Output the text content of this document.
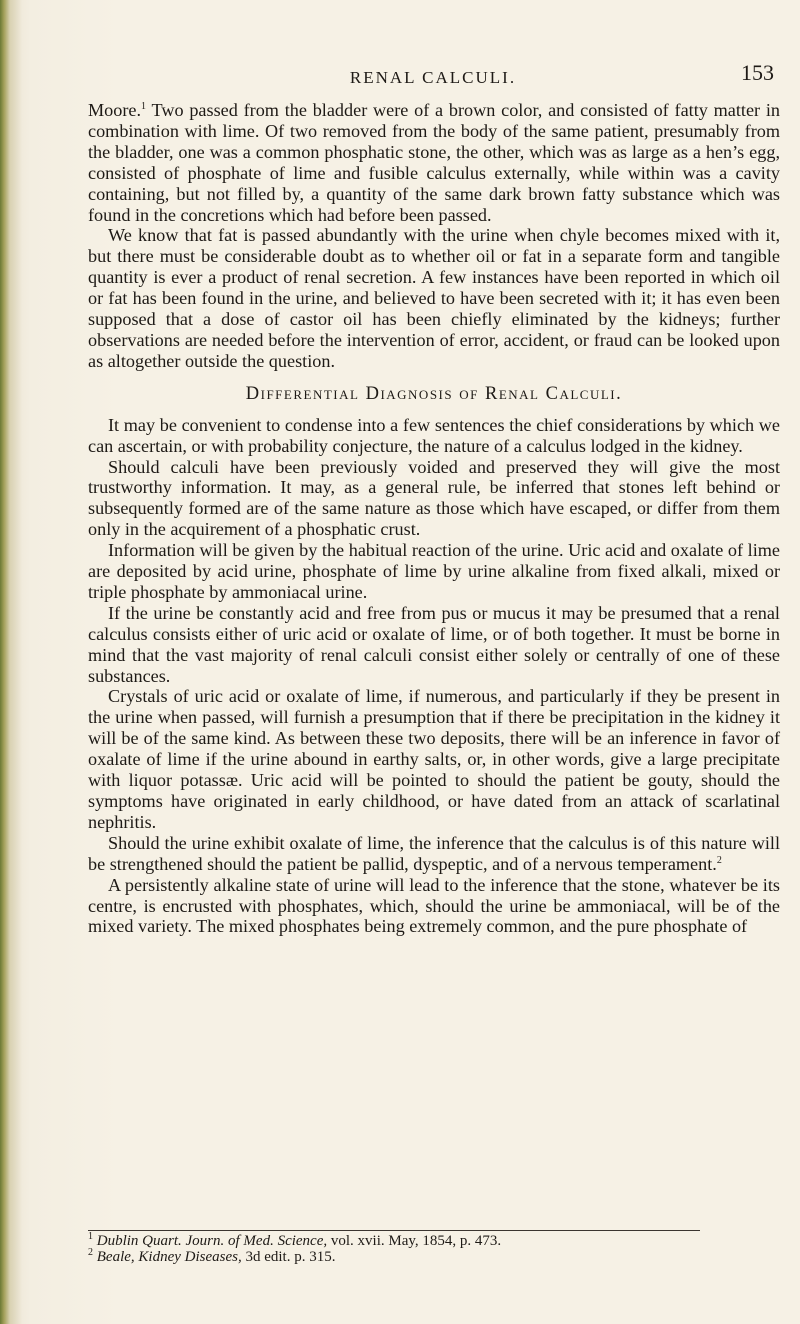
RENAL CALCULI.	153

Moore.$^1$ Two passed from the bladder were of a brown color, and consisted of fatty matter in combination with lime. Of two removed from the body of the same patient, presumably from the bladder, one was a common phosphatic stone, the other, which was as large as a hen’s egg, consisted of phosphate of lime and fusible calculus externally, while within was a cavity containing, but not filled by, a quantity of the same dark brown fatty substance which was found in the concretions which had before been passed.

We know that fat is passed abundantly with the urine when chyle becomes mixed with it, but there must be considerable doubt as to whether oil or fat in a separate form and tangible quantity is ever a product of renal secretion. A few instances have been reported in which oil or fat has been found in the urine, and believed to have been secreted with it; it has even been supposed that a dose of castor oil has been chiefly eliminated by the kidneys; further observations are needed before the intervention of error, accident, or fraud can be looked upon as altogether outside the question.

Differential Diagnosis of Renal Calculi.

It may be convenient to condense into a few sentences the chief considerations by which we can ascertain, or with probability conjecture, the nature of a calculus lodged in the kidney.

Should calculi have been previously voided and preserved they will give the most trustworthy information. It may, as a general rule, be inferred that stones left behind or subsequently formed are of the same nature as those which have escaped, or differ from them only in the acquirement of a phosphatic crust.

Information will be given by the habitual reaction of the urine. Uric acid and oxalate of lime are deposited by acid urine, phosphate of lime by urine alkaline from fixed alkali, mixed or triple phosphate by ammoniacal urine.

If the urine be constantly acid and free from pus or mucus it may be presumed that a renal calculus consists either of uric acid or oxalate of lime, or of both together. It must be borne in mind that the vast majority of renal calculi consist either solely or centrally of one of these substances.

Crystals of uric acid or oxalate of lime, if numerous, and particularly if they be present in the urine when passed, will furnish a presumption that if there be precipitation in the kidney it will be of the same kind. As between these two deposits, there will be an inference in favor of oxalate of lime if the urine abound in earthy salts, or, in other words, give a large precipitate with liquor potassæ. Uric acid will be pointed to should the patient be gouty, should the symptoms have originated in early childhood, or have dated from an attack of scarlatinal nephritis.

Should the urine exhibit oxalate of lime, the inference that the calculus is of this nature will be strengthened should the patient be pallid, dyspeptic, and of a nervous temperament.$^2$

A persistently alkaline state of urine will lead to the inference that the stone, whatever be its centre, is encrusted with phosphates, which, should the urine be ammoniacal, will be of the mixed variety. The mixed phosphates being extremely common, and the pure phosphate of

$^1$ Dublin Quart. Journ. of Med. Science, vol. xvii. May, 1854, p. 473.
$^2$ Beale, Kidney Diseases, 3d edit. p. 315.
